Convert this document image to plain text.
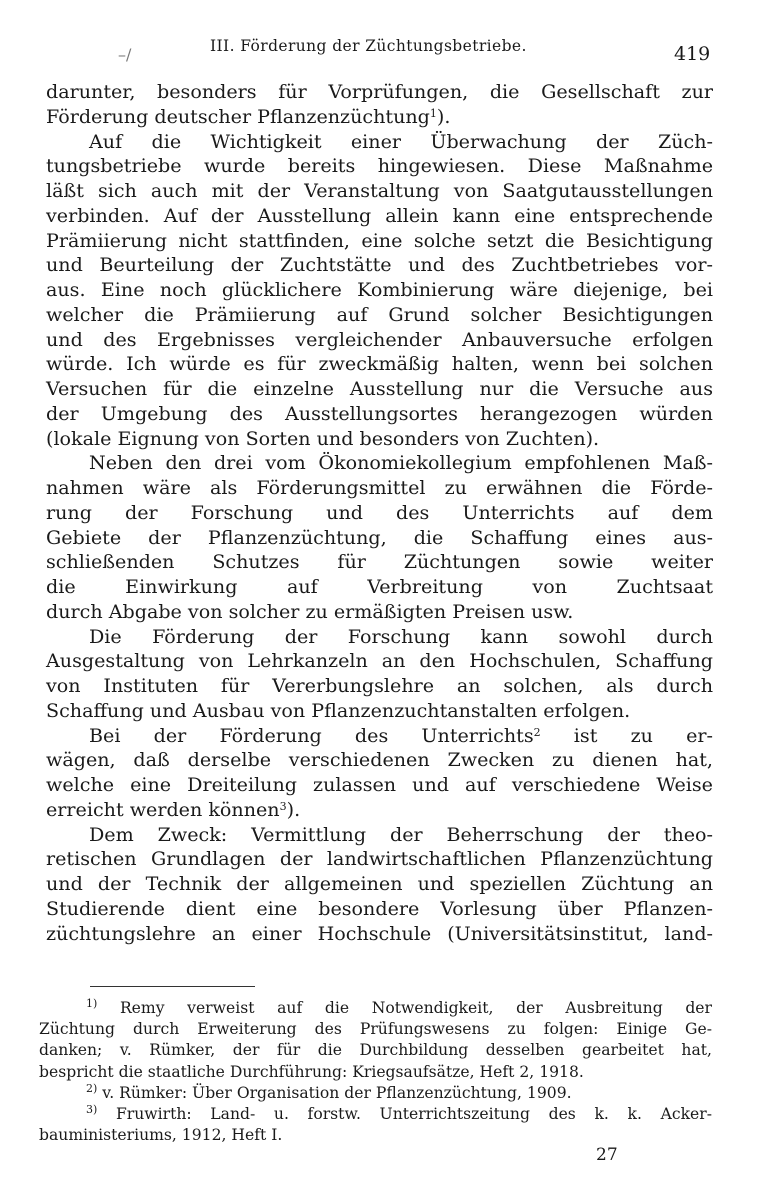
–/	III. Förderung der Züchtungsbetriebe.	419
darunter, besonders für Vorprüfungen, die Gesellschaft zur
Förderung deutscher Pflanzenzüchtung$^1$).
Auf die Wichtigkeit einer Überwachung der Züch-
tungsbetriebe wurde bereits hingewiesen. Diese Maßnahme
läßt sich auch mit der Veranstaltung von Saatgutausstellungen
verbinden. Auf der Ausstellung allein kann eine entsprechende
Prämiierung nicht stattfinden, eine solche setzt die Besichtigung
und Beurteilung der Zuchtstätte und des Zuchtbetriebes vor-
aus. Eine noch glücklichere Kombinierung wäre diejenige, bei
welcher die Prämiierung auf Grund solcher Besichtigungen
und des Ergebnisses vergleichender Anbauversuche erfolgen
würde. Ich würde es für zweckmäßig halten, wenn bei solchen
Versuchen für die einzelne Ausstellung nur die Versuche aus
der Umgebung des Ausstellungsortes herangezogen würden
(lokale Eignung von Sorten und besonders von Zuchten).
Neben den drei vom Ökonomiekollegium empfohlenen Maß-
nahmen wäre als Förderungsmittel zu erwähnen die Förde-
rung der Forschung und des Unterrichts auf dem
Gebiete der Pflanzenzüchtung, die Schaffung eines aus-
schließenden Schutzes für Züchtungen sowie weiter
die Einwirkung auf Verbreitung von Zuchtsaat
durch Abgabe von solcher zu ermäßigten Preisen usw.
Die Förderung der Forschung kann sowohl durch
Ausgestaltung von Lehrkanzeln an den Hochschulen, Schaffung
von Instituten für Vererbungslehre an solchen, als durch
Schaffung und Ausbau von Pflanzenzuchtanstalten erfolgen.
Bei der Förderung des Unterrichts$^2$ ist zu er-
wägen, daß derselbe verschiedenen Zwecken zu dienen hat,
welche eine Dreiteilung zulassen und auf verschiedene Weise
erreicht werden können$^3$).
Dem Zweck: Vermittlung der Beherrschung der theo-
retischen Grundlagen der landwirtschaftlichen Pflanzenzüchtung
und der Technik der allgemeinen und speziellen Züchtung an
Studierende dient eine besondere Vorlesung über Pflanzen-
züchtungslehre an einer Hochschule (Universitätsinstitut, land-
$^{1)}$ Remy verweist auf die Notwendigkeit, der Ausbreitung der
Züchtung durch Erweiterung des Prüfungswesens zu folgen: Einige Ge-
danken; v. Rümker, der für die Durchbildung desselben gearbeitet hat,
bespricht die staatliche Durchführung: Kriegsaufsätze, Heft 2, 1918.
$^{2)}$ v. Rümker: Über Organisation der Pflanzenzüchtung, 1909.
$^{3)}$ Fruwirth: Land- u. forstw. Unterrichtszeitung des k. k. Acker-
bauministeriums, 1912, Heft I.
27
